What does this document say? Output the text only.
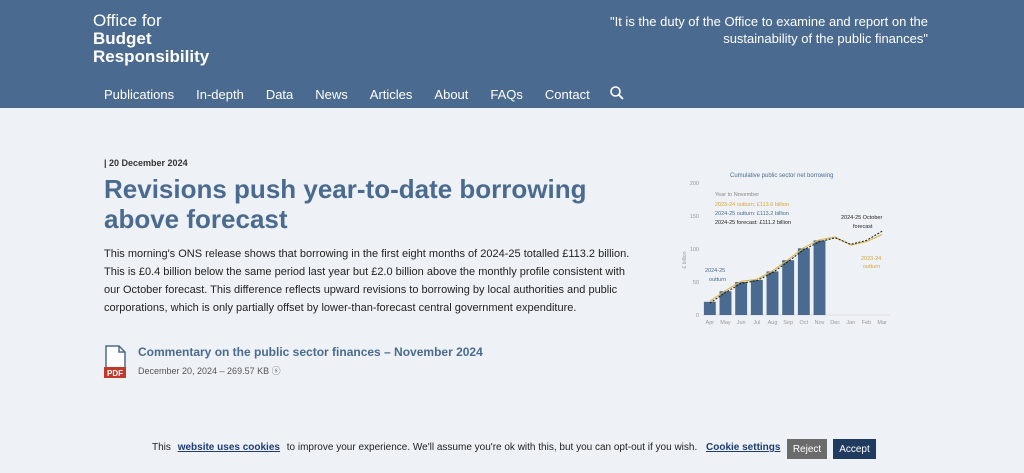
Office for
Budget
Responsibility
"It is the duty of the Office to examine and report on the sustainability of the public finances"
Publications In-depth Data News Articles About FAQs Contact
| 20 December 2024
Revisions push year-to-date borrowing above forecast

This morning's ONS release shows that borrowing in the first eight months of 2024-25 totalled £113.2 billion. This is £0.4 billion below the same period last year but £2.0 billion above the monthly profile consistent with our October forecast. This difference reflects upward revisions to borrowing by local authorities and public corporations, which is only partially offset by lower-than-forecast central government expenditure.

PDF
Commentary on the public sector finances – November 2024
December 20, 2024 – 269.57 KB ⓢ
Cumulative public sector net borrowing
0
50
100
150
200
£ billion
Apr May Jun Jul Aug Sep Oct Nov Dec Jan Feb Mar
Year to November
2023-24 outturn: £113.6 billion
2024-25 outturn: £113.2 billion
2024-25 forecast: £111.2 billion
2024-25
outturn
2024-25 October
forecast
2023-24
outturn
This website uses cookies to improve your experience. We'll assume you're ok with this, but you can opt-out if you wish. Cookie settings	Reject	Accept
